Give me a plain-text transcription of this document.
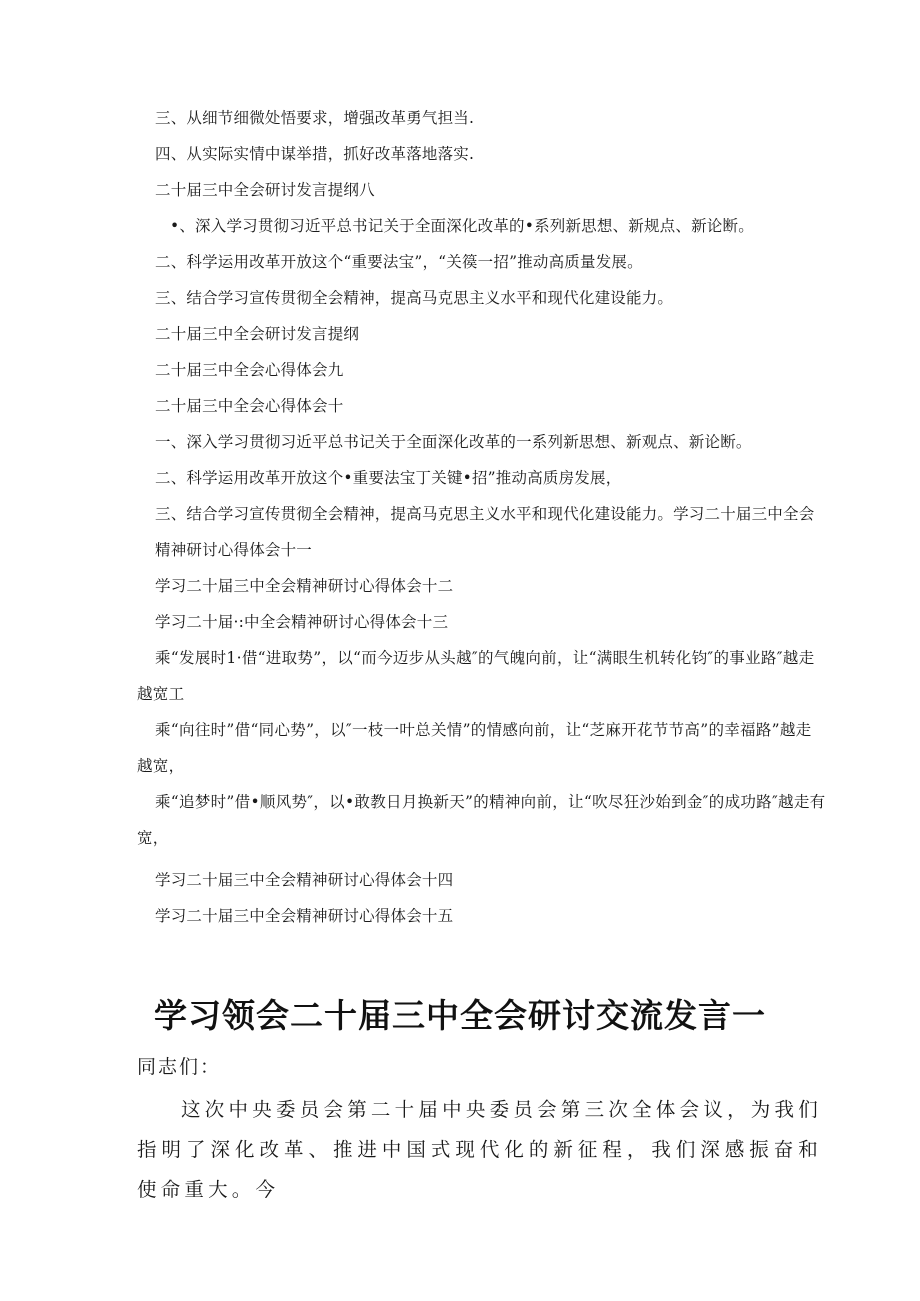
三、从细节细微处悟要求，增强改革勇气担当.
四、从实际实情中谋举措，抓好改革落地落实.
二十届三中全会研讨发言提纲八
•、深入学习贯彻习近平总书记关于全面深化改革的•系列新思想、新规点、新论断。
二、科学运用改革开放这个“重要法宝”，“关篌一招”推动高质量发展。
三、结合学习宣传贯彻全会精神，提高马克思主义水平和现代化建设能力。
二十届三中全会研讨发言提纲
二十届三中全会心得体会九
二十届三中全会心得体会十
一、深入学习贯彻习近平总书记关于全面深化改革的一系列新思想、新观点、新论断。
二、科学运用改革开放这个•重要法宝丁关键•招”推动高质房发展，
三、结合学习宣传贯彻全会精神，提高马克思主义水平和现代化建设能力。学习二十届三中全会精神研讨心得体会十一
学习二十届三中全会精神研讨心得体会十二
学习二十届·:中全会精神研讨心得体会十三
乘“发展时1·借“进取势”，以“而今迈步从头越″的气魄向前，让“满眼生机转化钧″的事业路″越走越宽工
乘“向往时”借“同心势”，以″一枝一叶总关情”的情感向前，让“芝麻开花节节高”的幸福路”越走越宽，
乘“追梦时”借•顺风势″，以•敢教日月换新天”的精神向前，让“吹尽狂沙始到金″的成功路″越走有宽，
学习二十届三中全会精神研讨心得体会十四
学习二十届三中全会精神研讨心得体会十五
学习领会二十届三中全会研讨交流发言一
同志们：
这次中央委员会第二十届中央委员会第三次全体会议，为我们指明了深化改革、推进中国式现代化的新征程，我们深感振奋和使命重大。今
